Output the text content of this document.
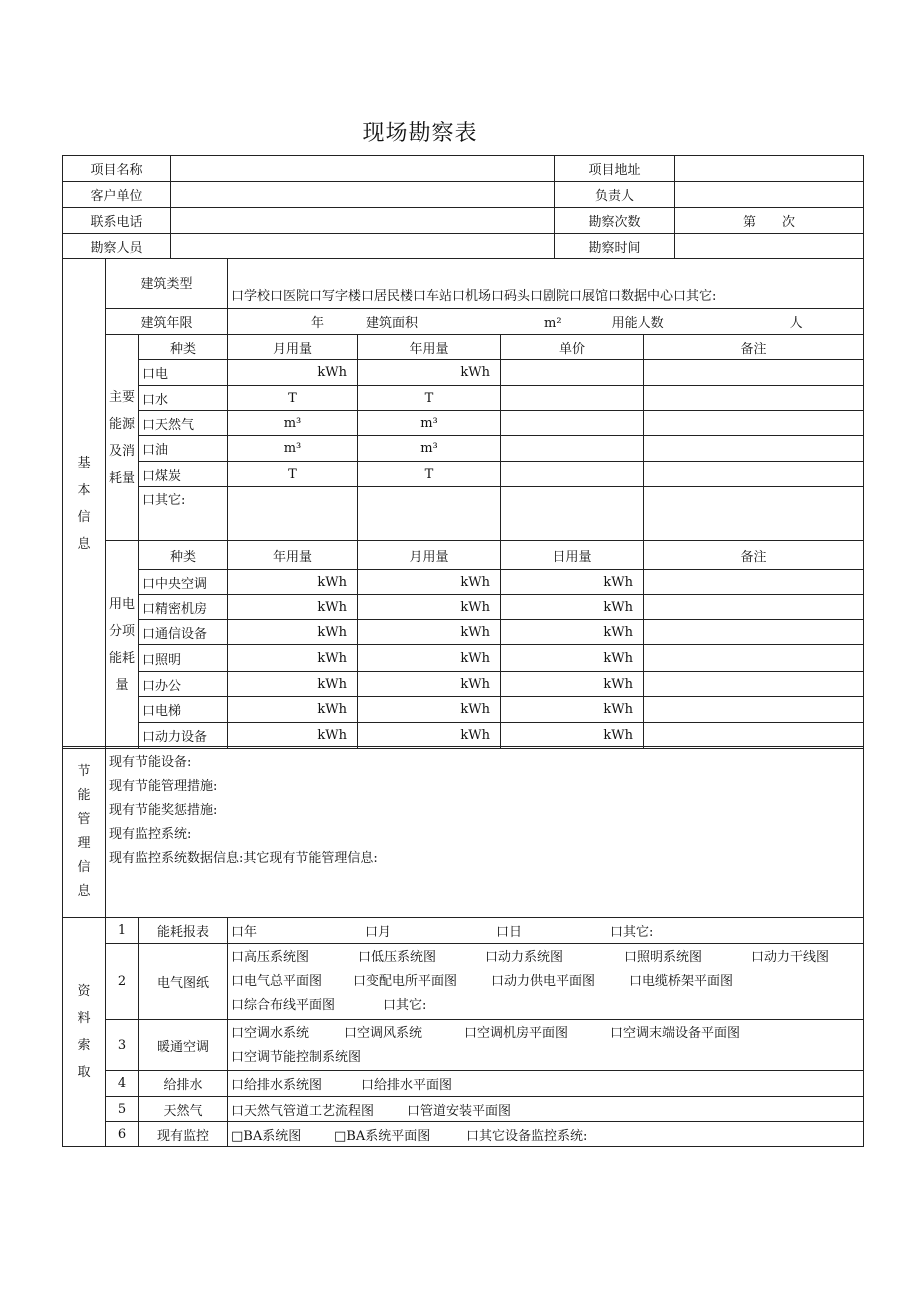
现场勘察表
项目名称		项目地址	
客户单位		负责人	
联系电话		勘察次数	第　　次
勘察人员		勘察时间	
基本信息	建筑类型		口学校口医院口写字楼口居民楼口车站口机场口码头口剧院口展馆口数据中心口其它:			
	建筑年限		年 建筑面积 m² 用能人数 人			
	主要能源及消耗量	种类	月用量	年用量	单价	备注
		口电	kWh	kWh		
		口水	T	T		
		口天然气	m³	m³		
		口油	m³	m³		
		口煤炭	T	T		
		口其它:				
	用电分项能耗量	种类	年用量	月用量	日用量	备注
		口中央空调	kWh	kWh	kWh	
		口精密机房	kWh	kWh	kWh	
		口通信设备	kWh	kWh	kWh	
		口照明	kWh	kWh	kWh	
		口办公	kWh	kWh	kWh	
		口电梯	kWh	kWh	kWh	
		口动力设备	kWh	kWh	kWh	
节能管理信息	
现有节能设备:
现有节能管理措施:
现有节能奖惩措施:
现有监控系统:
现有监控系统数据信息:其它现有节能管理信息:
资料索取	1	能耗报表	口年 口月 口日 口其它:
	2	电气图纸	口高压系统图 口低压系统图 口动力系统图 口照明系统图 口动力干线图
口电气总平面图 口变配电所平面图 口动力供电平面图 口电缆桥架平面图
口综合布线平面图 口其它:

	3	暖通空调	口空调水系统 口空调风系统 口空调机房平面图 口空调末端设备平面图
口空调节能控制系统图

	4	给排水	口给排水系统图 口给排水平面图
	5	天然气	口天然气管道工艺流程图 口管道安装平面图
	6	现有监控	□BA系统图 □BA系统平面图 口其它设备监控系统:
